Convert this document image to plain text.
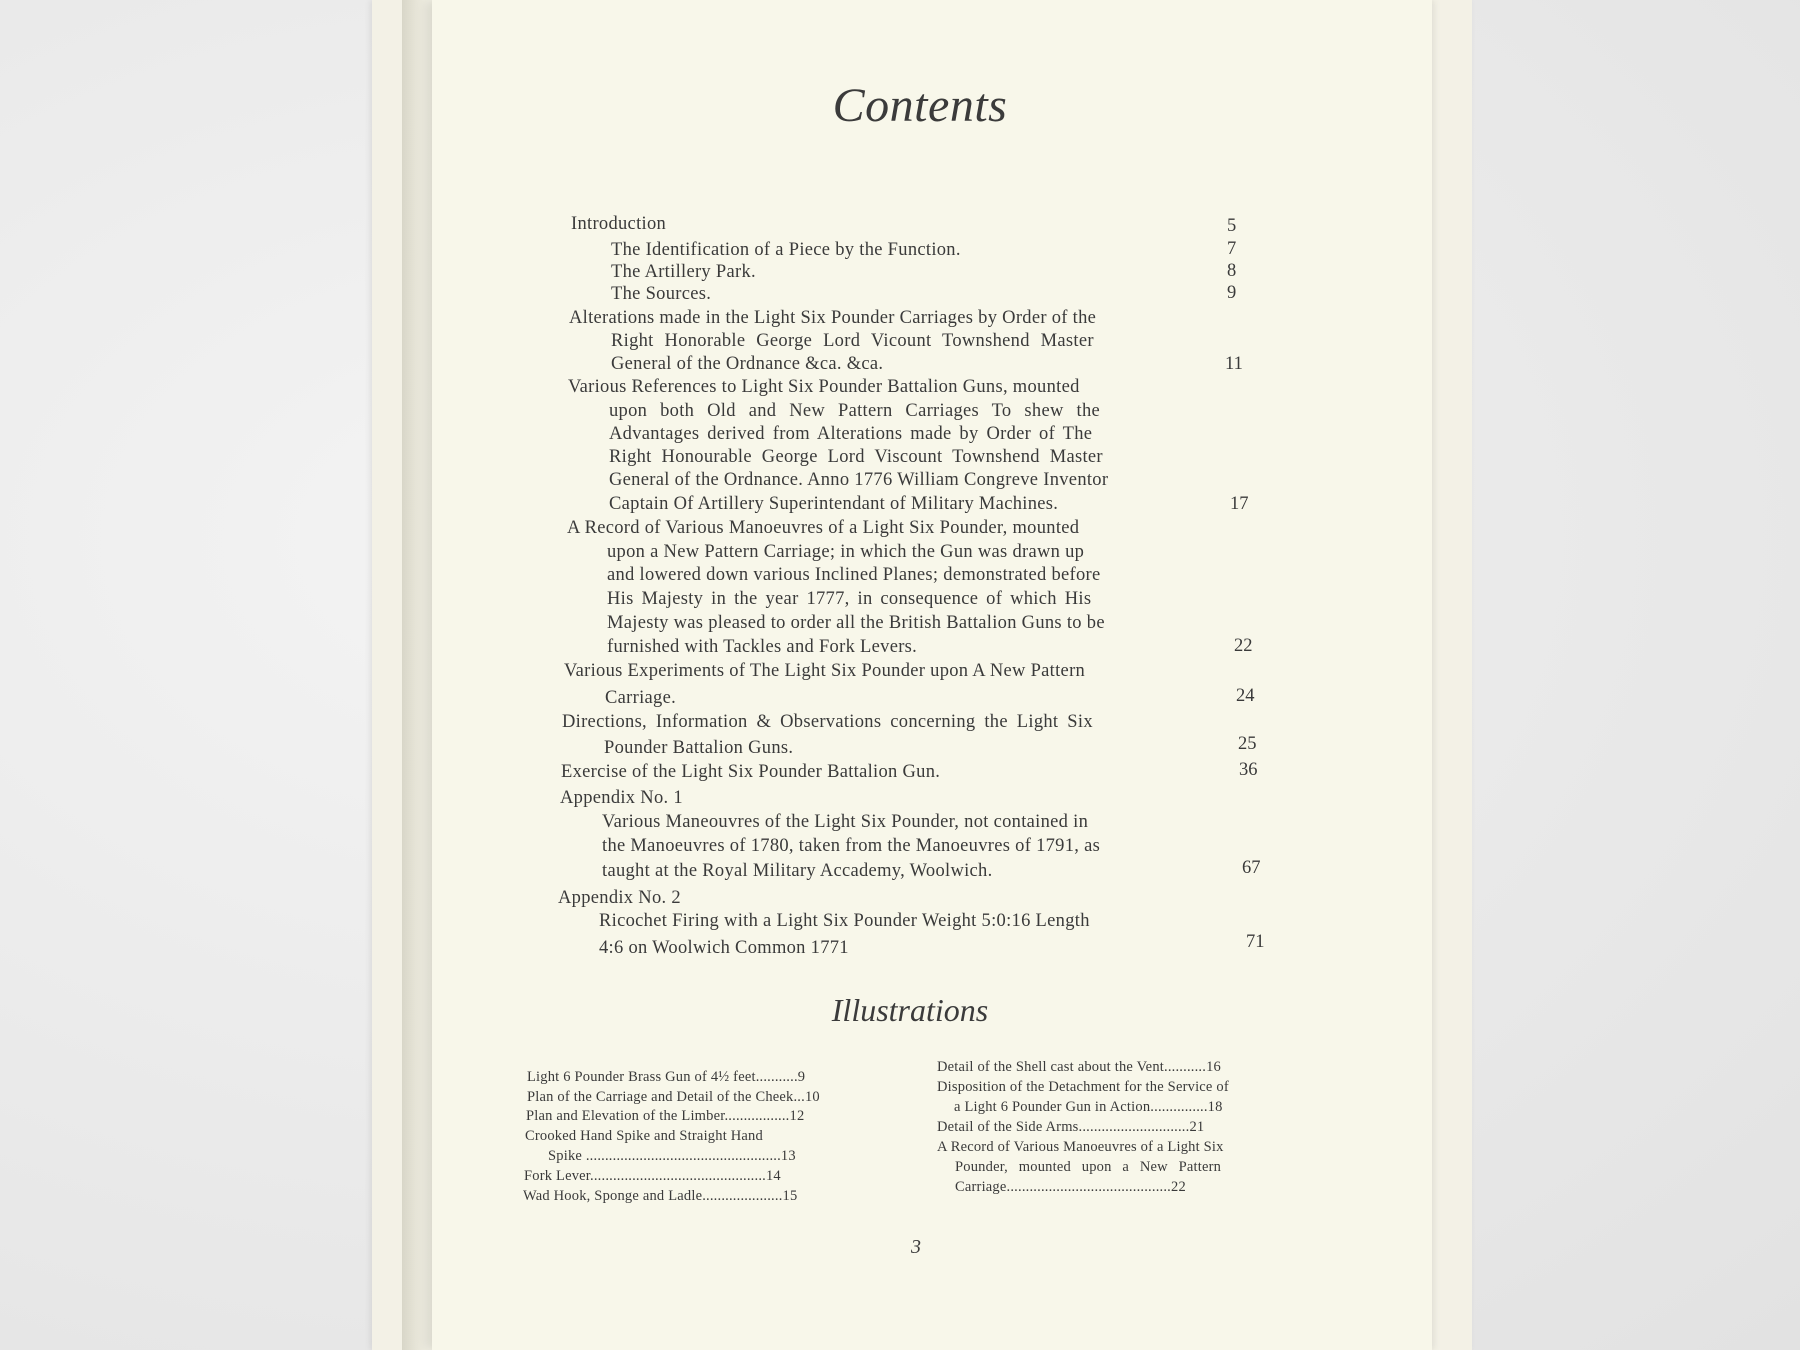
Contents
Introduction	5
The Identification of a Piece by the Function.	7
The Artillery Park.	8
The Sources.	9
Alterations made in the Light Six Pounder Carriages by Order of the
Right Honorable George Lord Vicount Townshend Master
General of the Ordnance &ca. &ca.	11
Various References to Light Six Pounder Battalion Guns, mounted
upon both Old and New Pattern Carriages To shew the
Advantages derived from Alterations made by Order of The
Right Honourable George Lord Viscount Townshend Master
General of the Ordnance. Anno 1776 William Congreve Inventor
Captain Of Artillery Superintendant of Military Machines.	17
A Record of Various Manoeuvres of a Light Six Pounder, mounted
upon a New Pattern Carriage; in which the Gun was drawn up
and lowered down various Inclined Planes; demonstrated before
His Majesty in the year 1777, in consequence of which His
Majesty was pleased to order all the British Battalion Guns to be
furnished with Tackles and Fork Levers.	22
Various Experiments of The Light Six Pounder upon A New Pattern
Carriage.	24
Directions, Information & Observations concerning the Light Six
Pounder Battalion Guns.	25
Exercise of the Light Six Pounder Battalion Gun.	36
Appendix No. 1
Various Maneouvres of the Light Six Pounder, not contained in
the Manoeuvres of 1780, taken from the Manoeuvres of 1791, as
taught at the Royal Military Accademy, Woolwich.	67
Appendix No. 2
Ricochet Firing with a Light Six Pounder Weight 5:0:16 Length
4:6 on Woolwich Common 1771	71
Illustrations
Light 6 Pounder Brass Gun of 4½ feet...........9
Plan of the Carriage and Detail of the Cheek...10
Plan and Elevation of the Limber.................12
Crooked Hand Spike and Straight Hand
Spike ...................................................13
Fork Lever..............................................14
Wad Hook, Sponge and Ladle.....................15
Detail of the Shell cast about the Vent...........16
Disposition of the Detachment for the Service of
a Light 6 Pounder Gun in Action...............18
Detail of the Side Arms.............................21
A Record of Various Manoeuvres of a Light Six
Pounder, mounted upon a New Pattern
Carriage...........................................22
3
